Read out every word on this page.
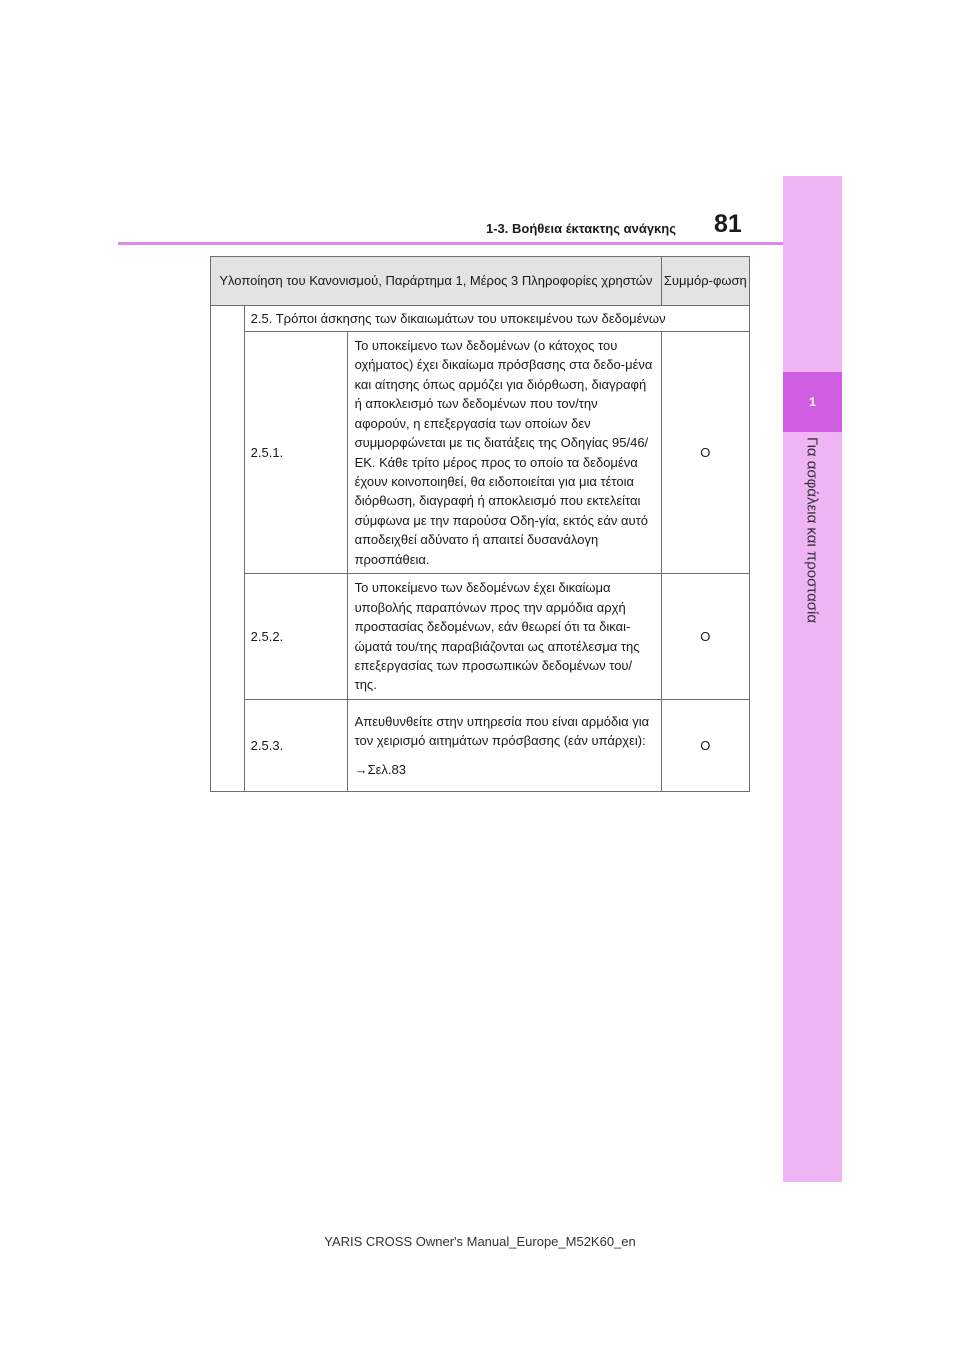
1
Για ασφάλεια και προστασία
1-3. Βοήθεια έκτακτης ανάγκης 81
Υλοποίηση του Κανονισμού, Παράρτημα 1, Μέρος 3 Πληροφορίες χρηστών			Συμμόρ-φωση
	2.5. Τρόποι άσκησης των δικαιωμάτων του υποκειμένου των δεδομένων		
	2.5.1.	Το υποκείμενο των δεδομένων (ο κάτοχος του οχήματος) έχει δικαίωμα πρόσβασης στα δεδο-μένα και αίτησης όπως αρμόζει για διόρθωση, διαγραφή ή αποκλεισμό των δεδομένων που τον/την αφορούν, η επεξεργασία των οποίων δεν συμμορφώνεται με τις διατάξεις της Οδηγίας 95/46/ΕΚ. Κάθε τρίτο μέρος προς το οποίο τα δεδομένα έχουν κοινοποιηθεί, θα ειδοποιείται για μια τέτοια διόρθωση, διαγραφή ή αποκλεισμό που εκτελείται σύμφωνα με την παρούσα Οδη-γία, εκτός εάν αυτό αποδειχθεί αδύνατο ή απαιτεί δυσανάλογη προσπάθεια.	O
	2.5.2.	Το υποκείμενο των δεδομένων έχει δικαίωμα υποβολής παραπόνων προς την αρμόδια αρχή προστασίας δεδομένων, εάν θεωρεί ότι τα δικαι-ώματά του/της παραβιάζονται ως αποτέλεσμα της επεξεργασίας των προσωπικών δεδομένων του/της.	O
	2.5.3.	Απευθυνθείτε στην υπηρεσία που είναι αρμόδια για τον χειρισμό αιτημάτων πρόσβασης (εάν υπάρχει):
→Σελ.83	O
YARIS CROSS Owner's Manual_Europe_M52K60_en
